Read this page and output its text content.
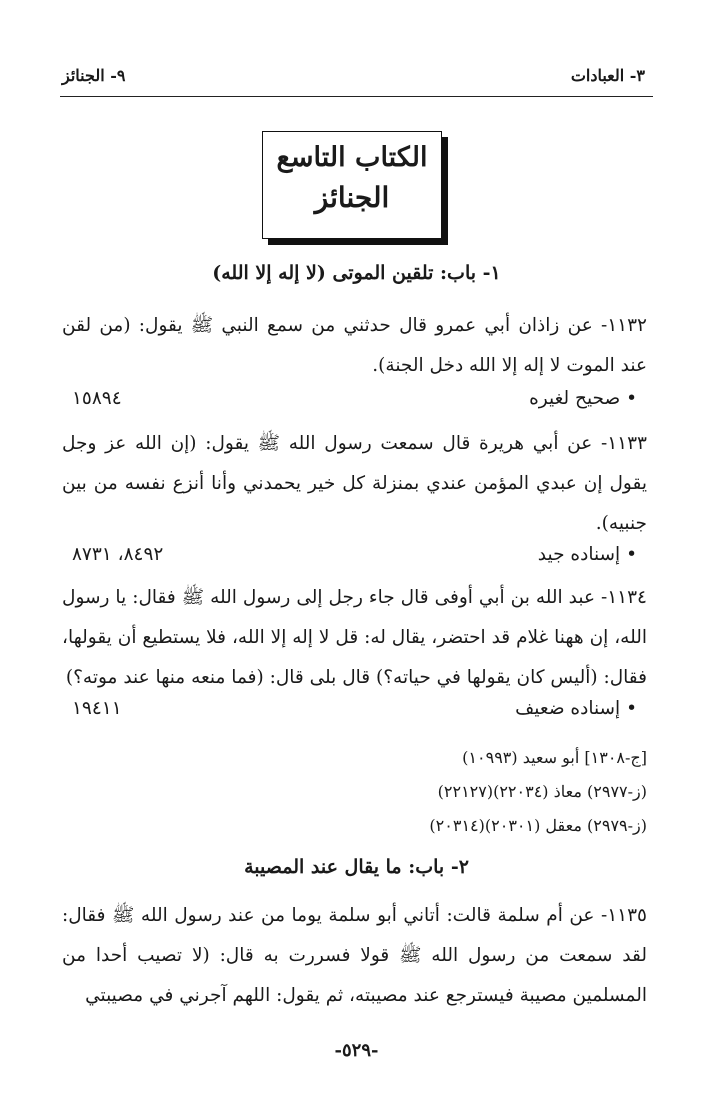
٣- العبادات
٩- الجنائز
الكتاب التاسع
الجنائز
١- باب: تلقين الموتى (لا إله إلا الله)
١١٣٢- عن زاذان أبي عمرو قال حدثني من سمع النبي ﷺ يقول: (من لقن عند الموت لا إله إلا الله دخل الجنة).
• صحيح لغيره
١٥٨٩٤
١١٣٣- عن أبي هريرة قال سمعت رسول الله ﷺ يقول: (إن الله عز وجل يقول إن عبدي المؤمن عندي بمنزلة كل خير يحمدني وأنا أنزع نفسه من بين جنبيه).
• إسناده جيد
٨٤٩٢، ٨٧٣١
١١٣٤- عبد الله بن أبي أوفى قال جاء رجل إلى رسول الله ﷺ فقال: يا رسول الله، إن ههنا غلام قد احتضر، يقال له: قل لا إله إلا الله، فلا يستطيع أن يقولها، فقال: (أليس كان يقولها في حياته؟) قال بلى قال: (فما منعه منها عند موته؟)
• إسناده ضعيف
١٩٤١١
[ج-١٣٠٨] أبو سعيد (١٠٩٩٣)
(ز-٢٩٧٧) معاذ (٢٢٠٣٤)(٢٢١٢٧)
(ز-٢٩٧٩) معقل (٢٠٣٠١)(٢٠٣١٤)
٢- باب: ما يقال عند المصيبة
١١٣٥- عن أم سلمة قالت: أتاني أبو سلمة يوما من عند رسول الله ﷺ فقال: لقد سمعت من رسول الله ﷺ قولا فسررت به قال: (لا تصيب أحدا من المسلمين مصيبة فيسترجع عند مصيبته، ثم يقول: اللهم آجرني في مصيبتي
-٥٢٩-
